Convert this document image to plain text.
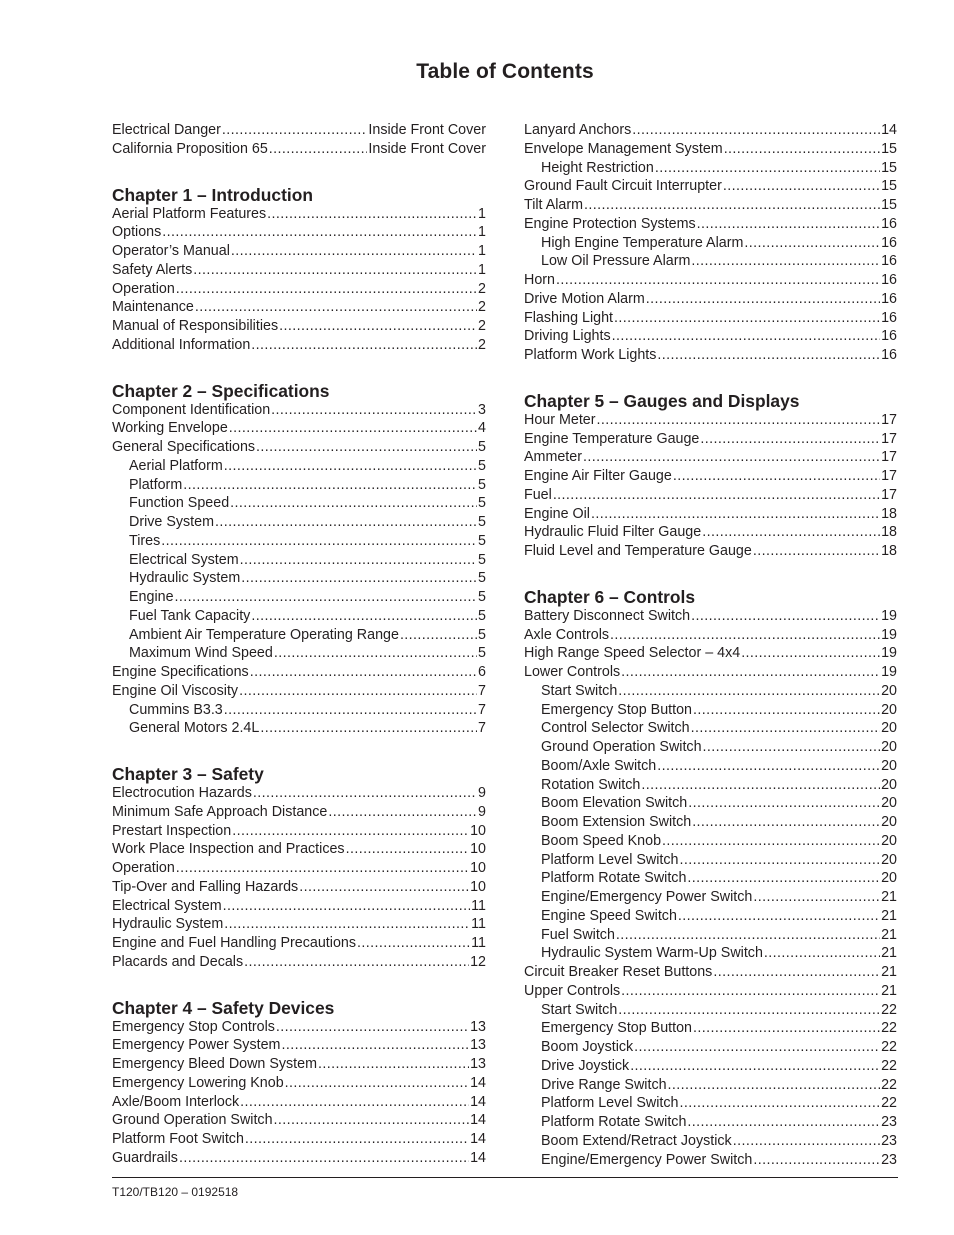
Table of Contents
Electrical Danger .....	Inside Front Cover
California Proposition 65 .....	Inside Front Cover
Chapter 1 – Introduction
Aerial Platform Features .....	1
Options .....	1
Operator’s Manual .....	1
Safety Alerts .....	1
Operation .....	2
Maintenance .....	2
Manual of Responsibilities .....	2
Additional Information .....	2
Chapter 2 – Specifications
Component Identification .....	3
Working Envelope .....	4
General Specifications .....	5
Aerial Platform .....	5
Platform .....	5
Function Speed .....	5
Drive System .....	5
Tires .....	5
Electrical System .....	5
Hydraulic System .....	5
Engine .....	5
Fuel Tank Capacity .....	5
Ambient Air Temperature Operating Range .....	5
Maximum Wind Speed .....	5
Engine Specifications .....	6
Engine Oil Viscosity .....	7
Cummins B3.3 .....	7
General Motors 2.4L .....	7
Chapter 3 – Safety
Electrocution Hazards .....	9
Minimum Safe Approach Distance .....	9
Prestart Inspection .....	10
Work Place Inspection and Practices .....	10
Operation .....	10
Tip-Over and Falling Hazards .....	10
Electrical System .....	11
Hydraulic System .....	11
Engine and Fuel Handling Precautions .....	11
Placards and Decals .....	12
Chapter 4 – Safety Devices
Emergency Stop Controls .....	13
Emergency Power System .....	13
Emergency Bleed Down System .....	13
Emergency Lowering Knob .....	14
Axle/Boom Interlock .....	14
Ground Operation Switch .....	14
Platform Foot Switch .....	14
Guardrails .....	14
Lanyard Anchors .....	14
Envelope Management System .....	15
Height Restriction .....	15
Ground Fault Circuit Interrupter .....	15
Tilt Alarm .....	15
Engine Protection Systems .....	16
High Engine Temperature Alarm .....	16
Low Oil Pressure Alarm .....	16
Horn .....	16
Drive Motion Alarm .....	16
Flashing Light .....	16
Driving Lights .....	16
Platform Work Lights .....	16
Chapter 5 – Gauges and Displays
Hour Meter .....	17
Engine Temperature Gauge .....	17
Ammeter .....	17
Engine Air Filter Gauge .....	17
Fuel .....	17
Engine Oil .....	18
Hydraulic Fluid Filter Gauge .....	18
Fluid Level and Temperature Gauge .....	18
Chapter 6 – Controls
Battery Disconnect Switch .....	19
Axle Controls .....	19
High Range Speed Selector – 4x4 .....	19
Lower Controls .....	19
Start Switch .....	20
Emergency Stop Button .....	20
Control Selector Switch .....	20
Ground Operation Switch .....	20
Boom/Axle Switch .....	20
Rotation Switch .....	20
Boom Elevation Switch .....	20
Boom Extension Switch .....	20
Boom Speed Knob .....	20
Platform Level Switch .....	20
Platform Rotate Switch .....	20
Engine/Emergency Power Switch .....	21
Engine Speed Switch .....	21
Fuel Switch .....	21
Hydraulic System Warm-Up Switch .....	21
Circuit Breaker Reset Buttons .....	21
Upper Controls .....	21
Start Switch .....	22
Emergency Stop Button .....	22
Boom Joystick .....	22
Drive Joystick .....	22
Drive Range Switch .....	22
Platform Level Switch .....	22
Platform Rotate Switch .....	23
Boom Extend/Retract Joystick .....	23
Engine/Emergency Power Switch .....	23
T120/TB120 – 0192518
